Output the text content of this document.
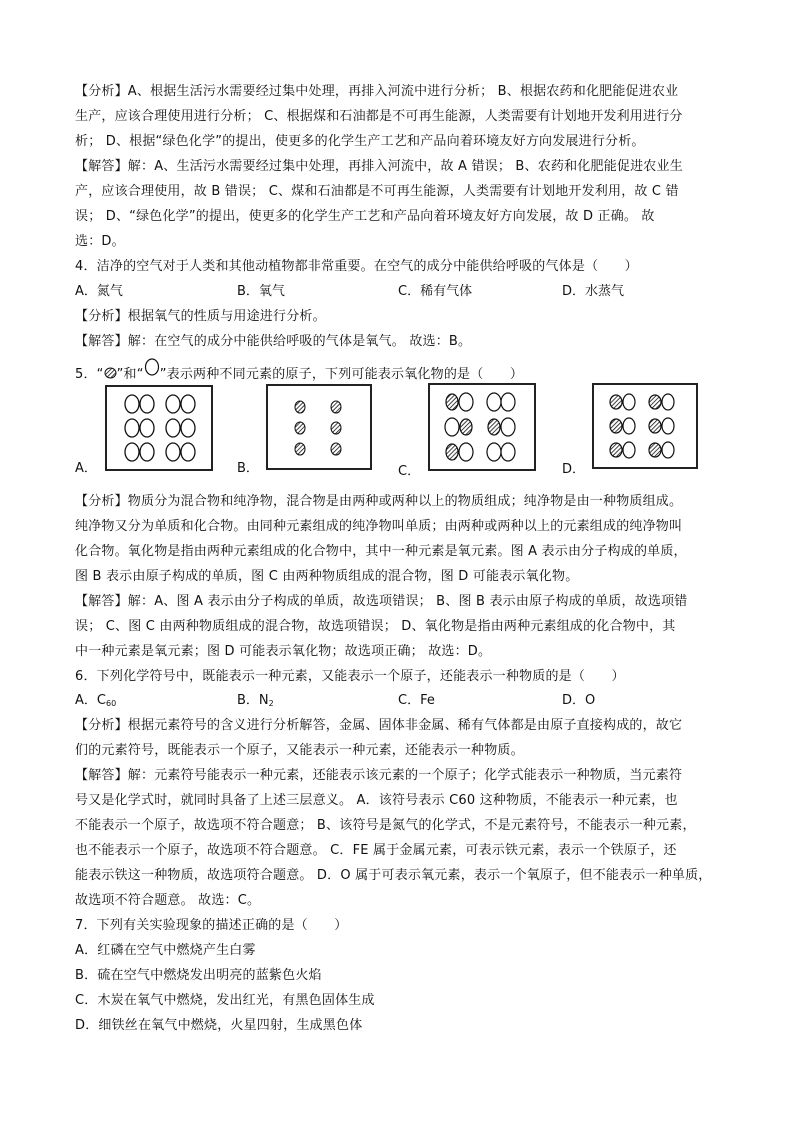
【分析】A、根据生活污水需要经过集中处理，再排入河流中进行分析； B、根据农药和化肥能促进农业
生产，应该合理使用进行分析； C、根据煤和石油都是不可再生能源，人类需要有计划地开发利用进行分
析； D、根据“绿色化学”的提出，使更多的化学生产工艺和产品向着环境友好方向发展进行分析。
【解答】解：A、生活污水需要经过集中处理，再排入河流中，故 A 错误； B、农药和化肥能促进农业生
产，应该合理使用，故 B 错误； C、煤和石油都是不可再生能源，人类需要有计划地开发利用，故 C 错
误； D、“绿色化学”的提出，使更多的化学生产工艺和产品向着环境友好方向发展，故 D 正确。 故
选：D。
4．洁净的空气对于人类和其他动植物都非常重要。在空气的成分中能供给呼吸的气体是（　　）
A．氮气	B．氧气	C．稀有气体	D．水蒸气
【分析】根据氧气的性质与用途进行分析。
【解答】解：在空气的成分中能供给呼吸的气体是氧气。 故选：B。
5．“ ”和“ ”表示两种不同元素的原子，下列可能表示氧化物的是（　　）
A．	B．	C．	D．
【分析】物质分为混合物和纯净物，混合物是由两种或两种以上的物质组成；纯净物是由一种物质组成。
纯净物又分为单质和化合物。由同种元素组成的纯净物叫单质；由两种或两种以上的元素组成的纯净物叫
化合物。氧化物是指由两种元素组成的化合物中，其中一种元素是氧元素。图 A 表示由分子构成的单质，
图 B 表示由原子构成的单质，图 C 由两种物质组成的混合物，图 D 可能表示氧化物。
【解答】解：A、图 A 表示由分子构成的单质，故选项错误； B、图 B 表示由原子构成的单质，故选项错
误； C、图 C 由两种物质组成的混合物，故选项错误； D、氧化物是指由两种元素组成的化合物中，其
中一种元素是氧元素；图 D 可能表示氧化物；故选项正确； 故选：D。
6．下列化学符号中，既能表示一种元素，又能表示一个原子，还能表示一种物质的是（　　）
A．$C_{60}$	B．$N_2$	C．Fe	D．O
【分析】根据元素符号的含义进行分析解答，金属、固体非金属、稀有气体都是由原子直接构成的，故它
们的元素符号，既能表示一个原子，又能表示一种元素，还能表示一种物质。
【解答】解：元素符号能表示一种元素，还能表示该元素的一个原子；化学式能表示一种物质，当元素符
号又是化学式时，就同时具备了上述三层意义。 A．该符号表示 C60 这种物质，不能表示一种元素，也
不能表示一个原子，故选项不符合题意； B、该符号是氮气的化学式，不是元素符号，不能表示一种元素，
也不能表示一个原子，故选项不符合题意。 C．FE 属于金属元素，可表示铁元素，表示一个铁原子，还
能表示铁这一种物质，故选项符合题意。 D．O 属于可表示氧元素，表示一个氧原子，但不能表示一种单质，
故选项不符合题意。 故选：C。
7．下列有关实验现象的描述正确的是（　　）
A．红磷在空气中燃烧产生白雾
B．硫在空气中燃烧发出明亮的蓝紫色火焰
C．木炭在氧气中燃烧，发出红光，有黑色固体生成
D．细铁丝在氧气中燃烧，火星四射，生成黑色体
